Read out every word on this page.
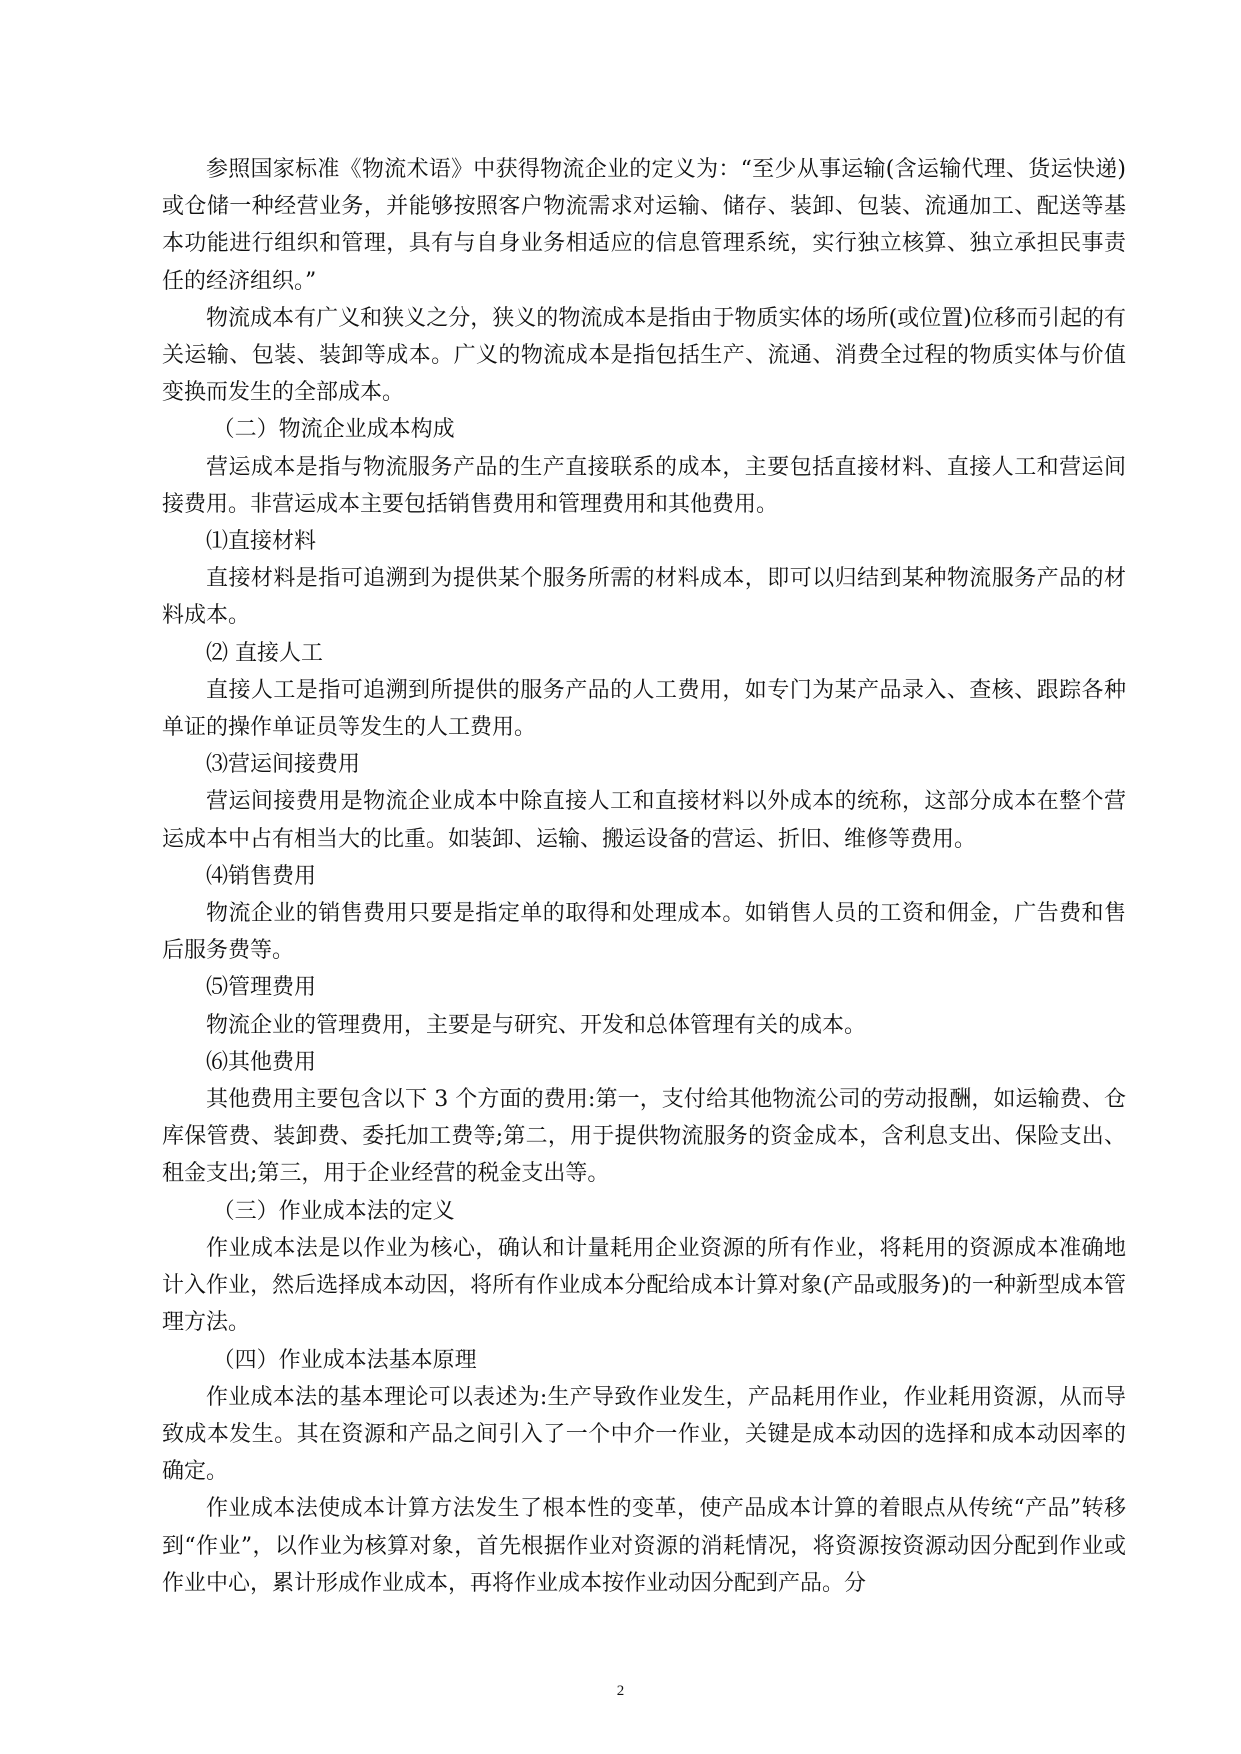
参照国家标准《物流术语》中获得物流企业的定义为：“至少从事运输(含运输代理、货运快递)或仓储一种经营业务，并能够按照客户物流需求对运输、储存、装卸、包装、流通加工、配送等基本功能进行组织和管理，具有与自身业务相适应的信息管理系统，实行独立核算、独立承担民事责任的经济组织。”

物流成本有广义和狭义之分，狭义的物流成本是指由于物质实体的场所(或位置)位移而引起的有关运输、包装、装卸等成本。广义的物流成本是指包括生产、流通、消费全过程的物质实体与价值变换而发生的全部成本。

（二）物流企业成本构成

营运成本是指与物流服务产品的生产直接联系的成本，主要包括直接材料、直接人工和营运间接费用。非营运成本主要包括销售费用和管理费用和其他费用。

⑴直接材料

直接材料是指可追溯到为提供某个服务所需的材料成本，即可以归结到某种物流服务产品的材料成本。

⑵ 直接人工

直接人工是指可追溯到所提供的服务产品的人工费用，如专门为某产品录入、查核、跟踪各种单证的操作单证员等发生的人工费用。

⑶营运间接费用

营运间接费用是物流企业成本中除直接人工和直接材料以外成本的统称，这部分成本在整个营运成本中占有相当大的比重。如装卸、运输、搬运设备的营运、折旧、维修等费用。

⑷销售费用

物流企业的销售费用只要是指定单的取得和处理成本。如销售人员的工资和佣金，广告费和售后服务费等。

⑸管理费用

物流企业的管理费用，主要是与研究、开发和总体管理有关的成本。

⑹其他费用

其他费用主要包含以下 3 个方面的费用:第一，支付给其他物流公司的劳动报酬，如运输费、仓库保管费、装卸费、委托加工费等;第二，用于提供物流服务的资金成本，含利息支出、保险支出、租金支出;第三，用于企业经营的税金支出等。

（三）作业成本法的定义

作业成本法是以作业为核心，确认和计量耗用企业资源的所有作业，将耗用的资源成本准确地计入作业，然后选择成本动因，将所有作业成本分配给成本计算对象(产品或服务)的一种新型成本管理方法。

（四）作业成本法基本原理

作业成本法的基本理论可以表述为:生产导致作业发生，产品耗用作业，作业耗用资源，从而导致成本发生。其在资源和产品之间引入了一个中介一作业，关键是成本动因的选择和成本动因率的确定。

作业成本法使成本计算方法发生了根本性的变革，使产品成本计算的着眼点从传统“产品”转移到“作业”，以作业为核算对象，首先根据作业对资源的消耗情况，将资源按资源动因分配到作业或作业中心，累计形成作业成本，再将作业成本按作业动因分配到产品。分

2
